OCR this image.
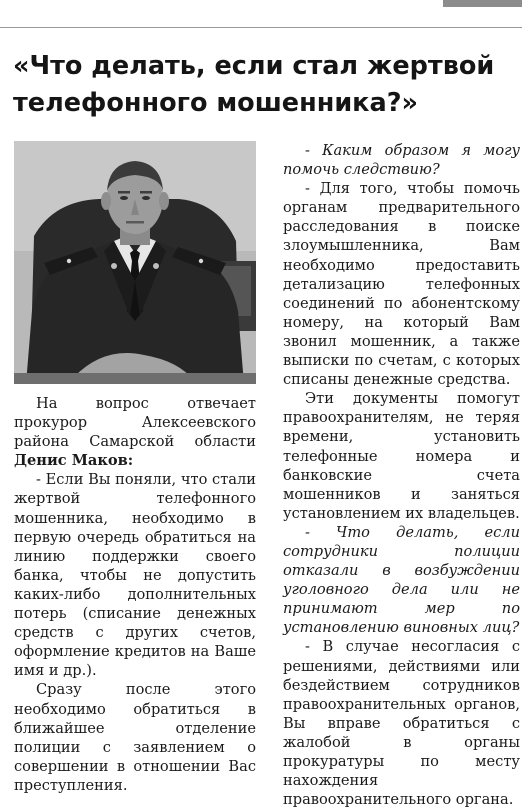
«Что делать, если стал жертвой
телефонного мошенника?»

На вопрос отвечает прокурор Алексеевского района Самарской области Денис Маков:

- Если Вы поняли, что стали жертвой телефонного мошенника, необходимо в первую очередь обратиться на линию поддержки своего банка, чтобы не допустить каких-либо дополнительных потерь (списание денежных средств с других счетов, оформление кредитов на Ваше имя и др.).

Сразу после этого необходимо обратиться в ближайшее отделение полиции с заявлением о совершении в отношении Вас преступления.

- Каким образом я могу помочь следствию?

- Для того, чтобы помочь органам предварительного расследования в поиске злоумышленника, Вам необходимо предоставить детализацию телефонных соединений по абонентскому номеру, на который Вам звонил мошенник, а также выписки по счетам, с которых списаны денежные средства.

Эти документы помогут правоохранителям, не теряя времени, установить телефонные номера и банковские счета мошенников и заняться установлением их владельцев.

- Что делать, если сотрудники полиции отказали в возбуждении уголовного дела или не принимают мер по установлению виновных лиц?

- В случае несогласия с решениями, действиями или бездействием сотрудников правоохранительных органов, Вы вправе обратиться с жалобой в органы прокуратуры по месту нахождения правоохранительного органа.
